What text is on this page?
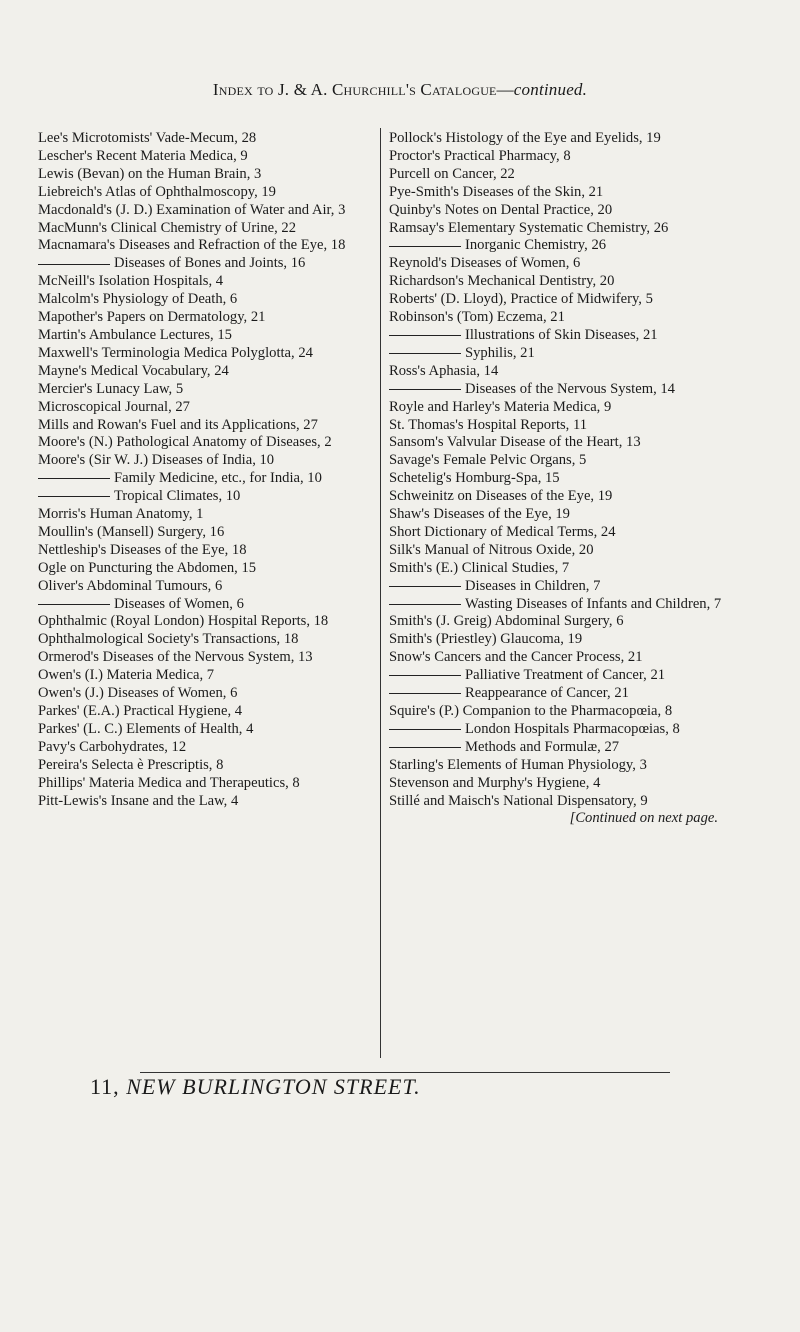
Index to J. & A. Churchill's Catalogue—continued.
Lee's Microtomists' Vade-Mecum, 28
Lescher's Recent Materia Medica, 9
Lewis (Bevan) on the Human Brain, 3
Liebreich's Atlas of Ophthalmoscopy, 19
Macdonald's (J. D.) Examination of Water and Air, 3
MacMunn's Clinical Chemistry of Urine, 22
Macnamara's Diseases and Refraction of the Eye, 18
Diseases of Bones and Joints, 16
McNeill's Isolation Hospitals, 4
Malcolm's Physiology of Death, 6
Mapother's Papers on Dermatology, 21
Martin's Ambulance Lectures, 15
Maxwell's Terminologia Medica Polyglotta, 24
Mayne's Medical Vocabulary, 24
Mercier's Lunacy Law, 5
Microscopical Journal, 27
Mills and Rowan's Fuel and its Applications, 27
Moore's (N.) Pathological Anatomy of Diseases, 2
Moore's (Sir W. J.) Diseases of India, 10
Family Medicine, etc., for India, 10
Tropical Climates, 10
Morris's Human Anatomy, 1
Moullin's (Mansell) Surgery, 16
Nettleship's Diseases of the Eye, 18
Ogle on Puncturing the Abdomen, 15
Oliver's Abdominal Tumours, 6
Diseases of Women, 6
Ophthalmic (Royal London) Hospital Reports, 18
Ophthalmological Society's Transactions, 18
Ormerod's Diseases of the Nervous System, 13
Owen's (I.) Materia Medica, 7
Owen's (J.) Diseases of Women, 6
Parkes' (E.A.) Practical Hygiene, 4
Parkes' (L. C.) Elements of Health, 4
Pavy's Carbohydrates, 12
Pereira's Selecta è Prescriptis, 8
Phillips' Materia Medica and Therapeutics, 8
Pitt-Lewis's Insane and the Law, 4
Pollock's Histology of the Eye and Eyelids, 19
Proctor's Practical Pharmacy, 8
Purcell on Cancer, 22
Pye-Smith's Diseases of the Skin, 21
Quinby's Notes on Dental Practice, 20
Ramsay's Elementary Systematic Chemistry, 26
Inorganic Chemistry, 26
Reynold's Diseases of Women, 6
Richardson's Mechanical Dentistry, 20
Roberts' (D. Lloyd), Practice of Midwifery, 5
Robinson's (Tom) Eczema, 21
Illustrations of Skin Diseases, 21
Syphilis, 21
Ross's Aphasia, 14
Diseases of the Nervous System, 14
Royle and Harley's Materia Medica, 9
St. Thomas's Hospital Reports, 11
Sansom's Valvular Disease of the Heart, 13
Savage's Female Pelvic Organs, 5
Schetelig's Homburg-Spa, 15
Schweinitz on Diseases of the Eye, 19
Shaw's Diseases of the Eye, 19
Short Dictionary of Medical Terms, 24
Silk's Manual of Nitrous Oxide, 20
Smith's (E.) Clinical Studies, 7
Diseases in Children, 7
Wasting Diseases of Infants and Children, 7
Smith's (J. Greig) Abdominal Surgery, 6
Smith's (Priestley) Glaucoma, 19
Snow's Cancers and the Cancer Process, 21
Palliative Treatment of Cancer, 21
Reappearance of Cancer, 21
Squire's (P.) Companion to the Pharmacopœia, 8
London Hospitals Pharmacopœias, 8
Methods and Formulæ, 27
Starling's Elements of Human Physiology, 3
Stevenson and Murphy's Hygiene, 4
Stillé and Maisch's National Dispensatory, 9
[Continued on next page.
11, NEW BURLINGTON STREET.
